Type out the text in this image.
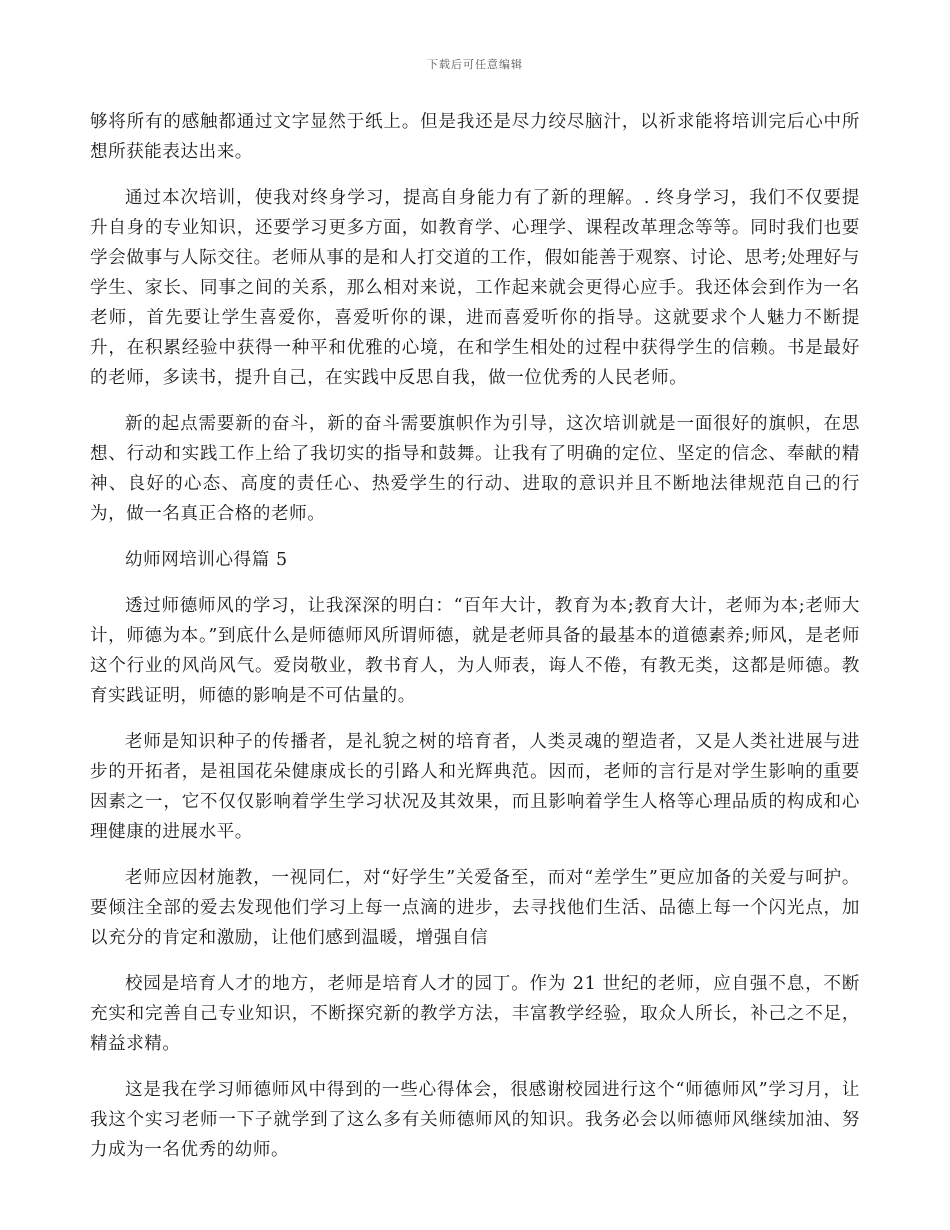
下载后可任意编辑

够将所有的感触都通过文字显然于纸上。但是我还是尽力绞尽脑汁，以祈求能将培训完后心中所想所获能表达出来。

通过本次培训，使我对终身学习，提高自身能力有了新的理解。. 终身学习，我们不仅要提升自身的专业知识，还要学习更多方面，如教育学、心理学、课程改革理念等等。同时我们也要学会做事与人际交往。老师从事的是和人打交道的工作，假如能善于观察、讨论、思考;处理好与学生、家长、同事之间的关系，那么相对来说，工作起来就会更得心应手。我还体会到作为一名老师，首先要让学生喜爱你，喜爱听你的课，进而喜爱听你的指导。这就要求个人魅力不断提升，在积累经验中获得一种平和优雅的心境，在和学生相处的过程中获得学生的信赖。书是最好的老师，多读书，提升自己，在实践中反思自我，做一位优秀的人民老师。

新的起点需要新的奋斗，新的奋斗需要旗帜作为引导，这次培训就是一面很好的旗帜，在思想、行动和实践工作上给了我切实的指导和鼓舞。让我有了明确的定位、坚定的信念、奉献的精神、良好的心态、高度的责任心、热爱学生的行动、进取的意识并且不断地法律规范自己的行为，做一名真正合格的老师。

幼师网培训心得篇 5

透过师德师风的学习，让我深深的明白：“百年大计，教育为本;教育大计，老师为本;老师大计，师德为本。”到底什么是师德师风所谓师德，就是老师具备的最基本的道德素养;师风，是老师这个行业的风尚风气。爱岗敬业，教书育人，为人师表，诲人不倦，有教无类，这都是师德。教育实践证明，师德的影响是不可估量的。

老师是知识种子的传播者，是礼貌之树的培育者，人类灵魂的塑造者，又是人类社进展与进步的开拓者，是祖国花朵健康成长的引路人和光辉典范。因而，老师的言行是对学生影响的重要因素之一，它不仅仅影响着学生学习状况及其效果，而且影响着学生人格等心理品质的构成和心理健康的进展水平。

老师应因材施教，一视同仁，对“好学生”关爱备至，而对“差学生”更应加备的关爱与呵护。要倾注全部的爱去发现他们学习上每一点滴的进步，去寻找他们生活、品德上每一个闪光点，加以充分的肯定和激励，让他们感到温暖，增强自信

校园是培育人才的地方，老师是培育人才的园丁。作为 21 世纪的老师，应自强不息，不断充实和完善自己专业知识，不断探究新的教学方法，丰富教学经验，取众人所长，补己之不足，精益求精。

这是我在学习师德师风中得到的一些心得体会，很感谢校园进行这个“师德师风”学习月，让我这个实习老师一下子就学到了这么多有关师德师风的知识。我务必会以师德师风继续加油、努力成为一名优秀的幼师。
